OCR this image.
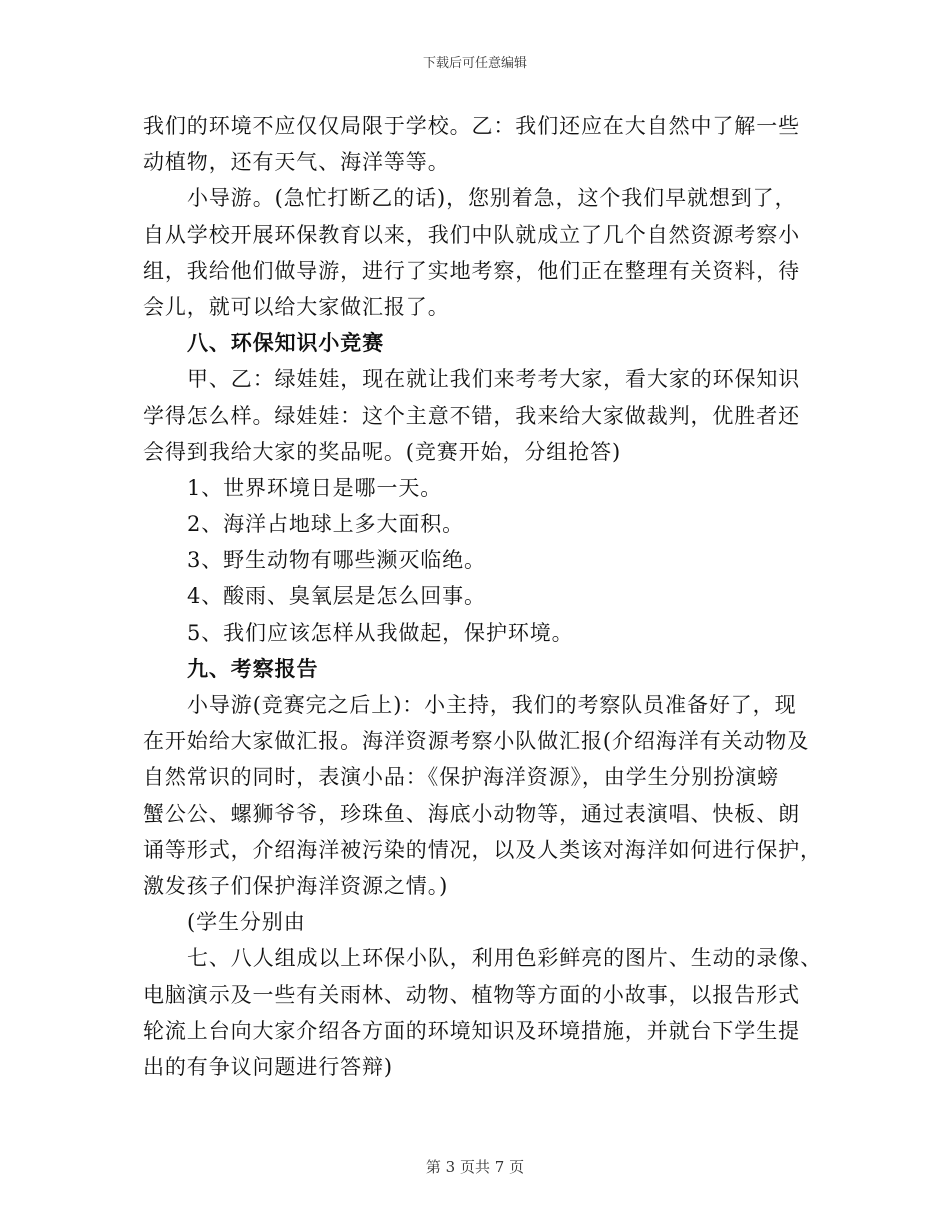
下载后可任意编辑
我们的环境不应仅仅局限于学校。乙：我们还应在大自然中了解一些
动植物，还有天气、海洋等等。
小导游。(急忙打断乙的话)，您别着急，这个我们早就想到了，
自从学校开展环保教育以来，我们中队就成立了几个自然资源考察小
组，我给他们做导游，进行了实地考察，他们正在整理有关资料，待
会儿，就可以给大家做汇报了。
八、环保知识小竞赛
甲、乙：绿娃娃，现在就让我们来考考大家，看大家的环保知识
学得怎么样。绿娃娃：这个主意不错，我来给大家做裁判，优胜者还
会得到我给大家的奖品呢。(竞赛开始，分组抢答)
1、世界环境日是哪一天。
2、海洋占地球上多大面积。
3、野生动物有哪些濒灭临绝。
4、酸雨、臭氧层是怎么回事。
5、我们应该怎样从我做起，保护环境。
九、考察报告
小导游(竞赛完之后上)：小主持，我们的考察队员准备好了，现
在开始给大家做汇报。海洋资源考察小队做汇报(介绍海洋有关动物及
自然常识的同时，表演小品：《保护海洋资源》，由学生分别扮演螃
蟹公公、螺狮爷爷，珍珠鱼、海底小动物等，通过表演唱、快板、朗
诵等形式，介绍海洋被污染的情况，以及人类该对海洋如何进行保护，
激发孩子们保护海洋资源之情。)
(学生分别由
七、八人组成以上环保小队，利用色彩鲜亮的图片、生动的录像、
电脑演示及一些有关雨林、动物、植物等方面的小故事，以报告形式
轮流上台向大家介绍各方面的环境知识及环境措施，并就台下学生提
出的有争议问题进行答辩)
第 3 页共 7 页
